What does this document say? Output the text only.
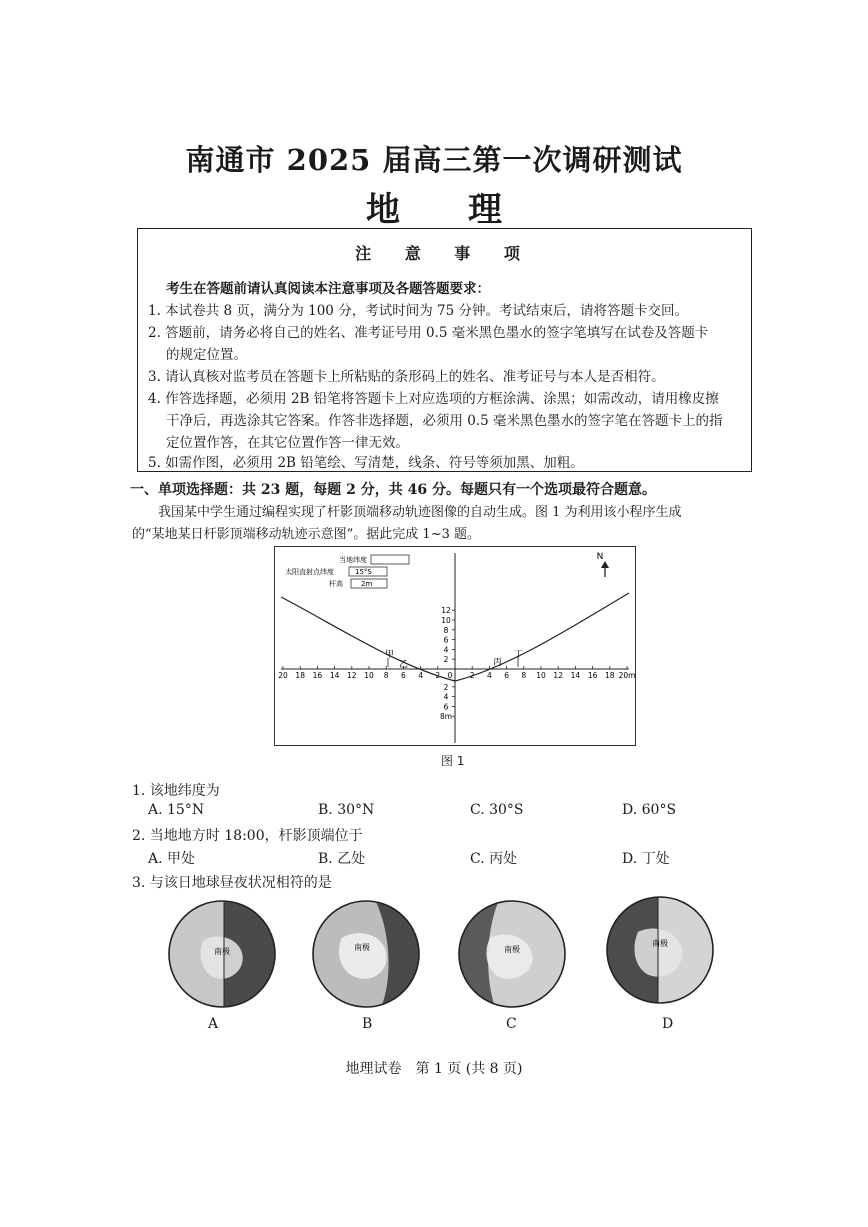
南通市 2025 届高三第一次调研测试
地 理
注 意 事 项
考生在答题前请认真阅读本注意事项及各题答题要求：
1. 本试卷共 8 页，满分为 100 分，考试时间为 75 分钟。考试结束后，请将答题卡交回。
2. 答题前，请务必将自己的姓名、准考证号用 0.5 毫米黑色墨水的签字笔填写在试卷及答题卡
的规定位置。
3. 请认真核对监考员在答题卡上所粘贴的条形码上的姓名、准考证号与本人是否相符。
4. 作答选择题，必须用 2B 铅笔将答题卡上对应选项的方框涂满、涂黑；如需改动，请用橡皮擦
干净后，再选涂其它答案。作答非选择题，必须用 0.5 毫米黑色墨水的签字笔在答题卡上的指
定位置作答，在其它位置作答一律无效。
5. 如需作图，必须用 2B 铅笔绘、写清楚，线条、符号等须加黑、加粗。
一、单项选择题：共 23 题，每题 2 分，共 46 分。每题只有一个选项最符合题意。
我国某中学生通过编程实现了杆影顶端移动轨迹图像的自动生成。图 1 为利用该小程序生成
的“某地某日杆影顶端移动轨迹示意图”。据此完成 1~3 题。
当地纬度
太阳直射点纬度	15°S
杆高	2m
N
20 18 16 14 12 10 8 6 4 2	2 4 6 8 10 12 14 16 18 20m
0
2
4
6
8
10
12
2
4
6
8m
甲
乙	丙
丁
图 1
1. 该地纬度为
A. 15°N	B. 30°N	C. 30°S	D. 60°S
2. 当地地方时 18:00，杆影顶端位于
A. 甲处	B. 乙处	C. 丙处	D. 丁处
3. 与该日地球昼夜状况相符的是
南极
A
南极
B
南极
C
南极
D
地理试卷　第 1 页 (共 8 页)
